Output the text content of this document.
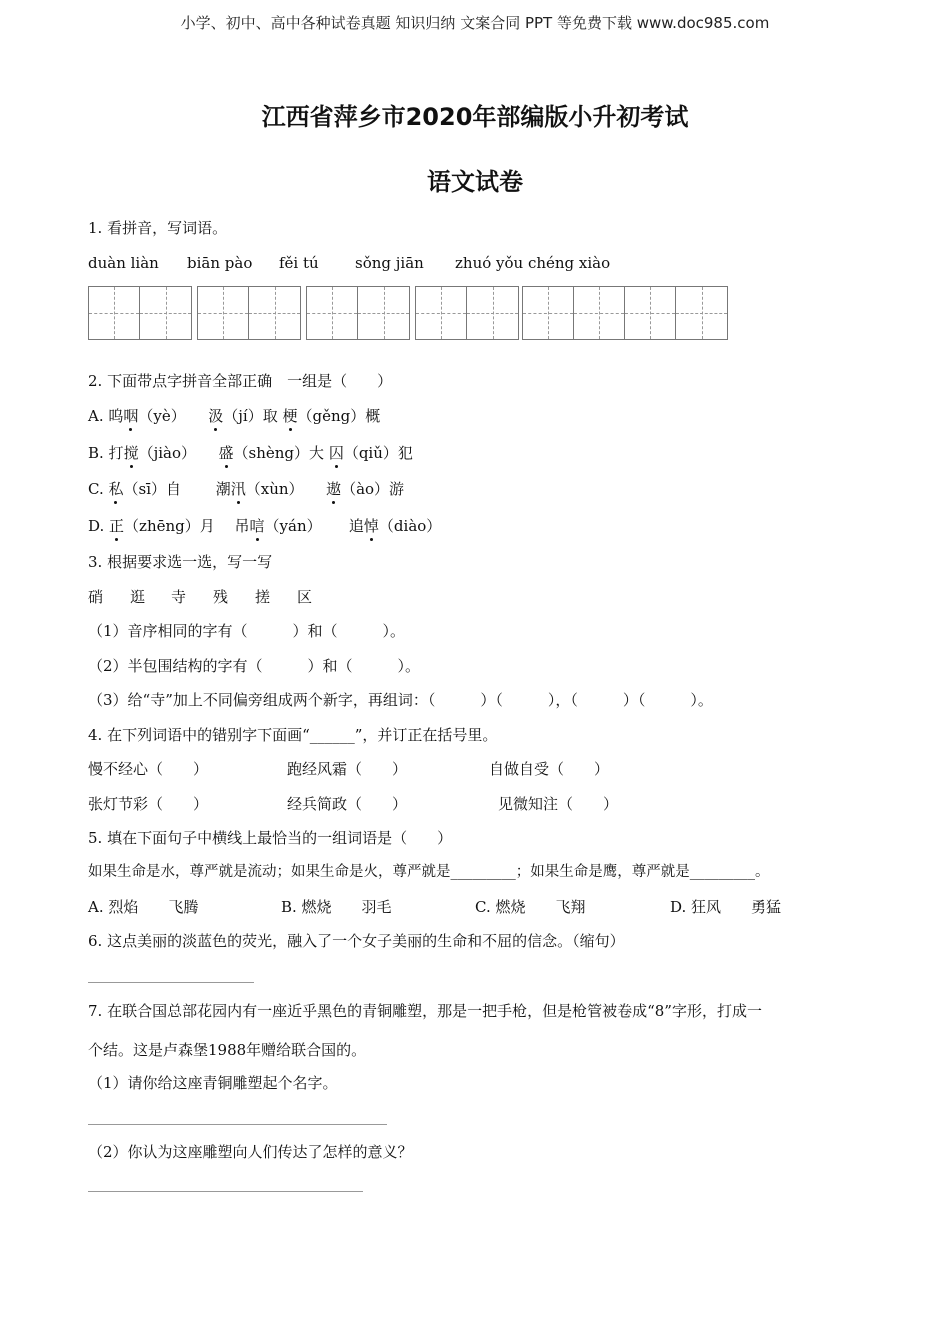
小学、初中、高中各种试卷真题 知识归纳 文案合同 PPT 等免费下载 www.doc985.com
江西省萍乡市2020年部编版小升初考试
语文试卷
1. 看拼音，写词语。
duàn liàn biān pào fěi tú sǒng jiān zhuó yǒu chéng xiào
2. 下面带点字拼音全部正确　一组是（　　）
A. 呜咽（yè）　　汲（jí）取 梗（gěng）概
B. 打搅（jiào）　　盛（shèng）大 囚（qiǔ）犯
C. 私（sī）自　　 潮汛（xùn）　　遨（ào）游
D. 正（zhēng）月　 吊唁（yán）　　 追悼（diào）
3. 根据要求选一选，写一写
硝 逛 寺 残 搓 区
（1）音序相同的字有（　　　）和（　　　）。
（2）半包围结构的字有（　　　）和（　　　）。
（3）给“寺”加上不同偏旁组成两个新字，再组词：（　　　）（　　　），（　　　）（　　　）。
4. 在下列词语中的错别字下面画“______”，并订正在括号里。
慢不经心（　　）	跑经风霜（　　）	自做自受（　　）
张灯节彩（　　）	经兵简政（　　）	见微知注（　　）
5. 填在下面句子中横线上最恰当的一组词语是（　　）
如果生命是水，尊严就是流动；如果生命是火，尊严就是_________；如果生命是鹰，尊严就是_________。
A. 烈焰　　飞腾	B. 燃烧　　羽毛	C. 燃烧　　飞翔	D. 狂风　　勇猛
6. 这点美丽的淡蓝色的荧光，融入了一个女子美丽的生命和不屈的信念。（缩句）
7. 在联合国总部花园内有一座近乎黑色的青铜雕塑，那是一把手枪，但是枪管被卷成“8”字形，打成一
个结。这是卢森堡1988年赠给联合国的。
（1）请你给这座青铜雕塑起个名字。
（2）你认为这座雕塑向人们传达了怎样的意义？
